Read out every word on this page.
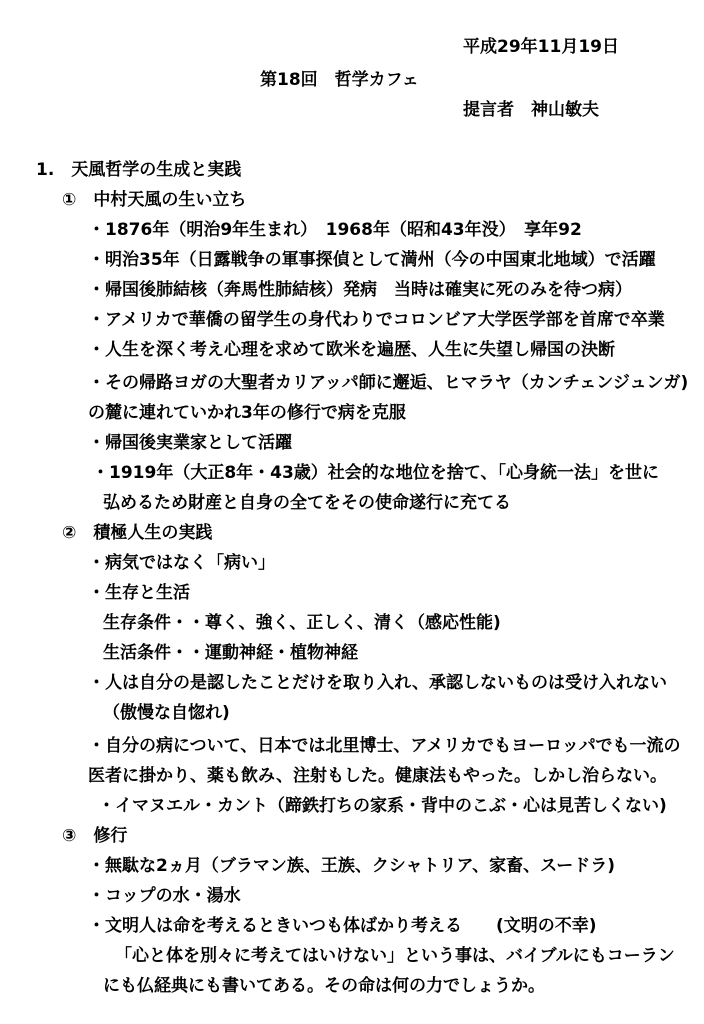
平成29年11月19日
第18回　哲学カフェ
提言者　神山敏夫
1.　天風哲学の生成と実践
①　中村天風の生い立ち
・1876年（明治9年生まれ）　1968年（昭和43年没）　享年92
・明治35年（日露戦争の軍事探偵として満州（今の中国東北地域）で活躍
・帰国後肺結核（奔馬性肺結核）発病　当時は確実に死のみを待つ病）
・アメリカで華僑の留学生の身代わりでコロンビア大学医学部を首席で卒業
・人生を深く考え心理を求めて欧米を遍歴、人生に失望し帰国の決断
・その帰路ヨガの大聖者カリアッパ師に邂逅、ヒマラヤ（カンチェンジュンガ)
の麓に連れていかれ3年の修行で病を克服
・帰国後実業家として活躍
・1919年（大正8年・43歳）社会的な地位を捨て、「心身統一法」を世に
弘めるため財産と自身の全てをその使命遂行に充てる
②　積極人生の実践
・病気ではなく「病い」
・生存と生活
生存条件・・尊く、強く、正しく、清く（感応性能)
生活条件・・運動神経・植物神経
・人は自分の是認したことだけを取り入れ、承認しないものは受け入れない
（傲慢な自惚れ)
・自分の病について、日本では北里博士、アメリカでもヨーロッパでも一流の
医者に掛かり、薬も飲み、注射もした。健康法もやった。しかし治らない。
・イマヌエル・カント（蹄鉄打ちの家系・背中のこぶ・心は見苦しくない)
③　修行
・無駄な2ヵ月（ブラマン族、王族、クシャトリア、家畜、スードラ)
・コップの水・湯水
・文明人は命を考えるときいつも体ばかり考える　　(文明の不幸)
「心と体を別々に考えてはいけない」という事は、バイブルにもコーラン
にも仏経典にも書いてある。その命は何の力でしょうか。
